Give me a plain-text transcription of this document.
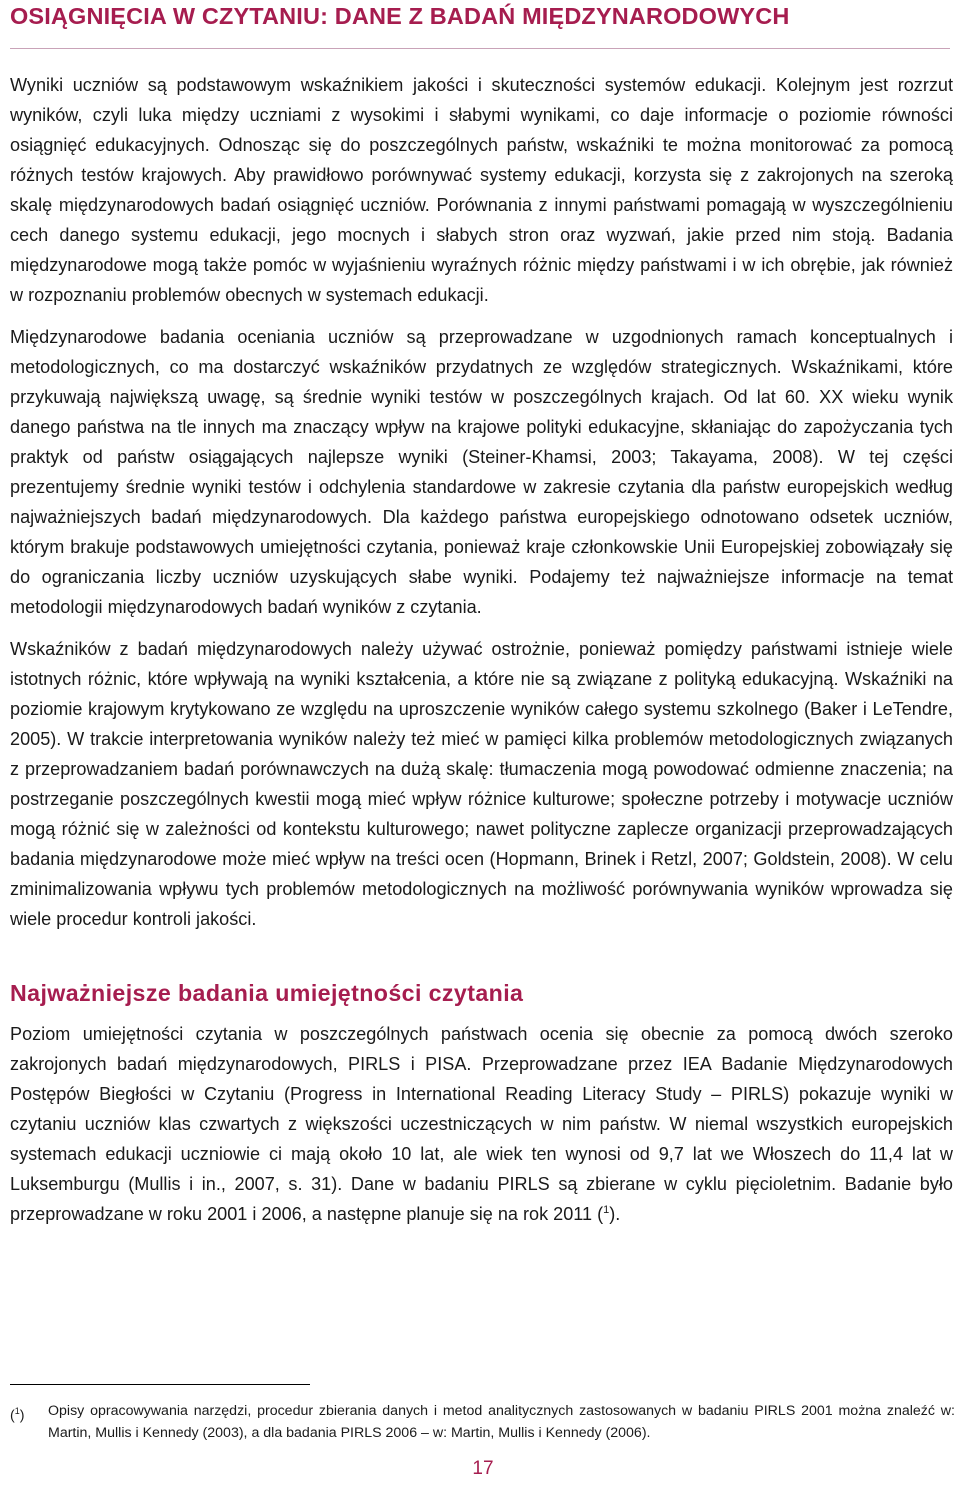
OSIĄGNIĘCIA W CZYTANIU: DANE Z BADAŃ MIĘDZYNARODOWYCH

Wyniki uczniów są podstawowym wskaźnikiem jakości i skuteczności systemów edukacji. Kolejnym jest rozrzut wyników, czyli luka między uczniami z wysokimi i słabymi wynikami, co daje informacje o poziomie równości osiągnięć edukacyjnych. Odnosząc się do poszczególnych państw, wskaźniki te można monitorować za pomocą różnych testów krajowych. Aby prawidłowo porównywać systemy edukacji, korzysta się z zakrojonych na szeroką skalę międzynarodowych badań osiągnięć uczniów. Porównania z innymi państwami pomagają w wyszczególnieniu cech danego systemu edukacji, jego mocnych i słabych stron oraz wyzwań, jakie przed nim stoją. Badania międzynarodowe mogą także pomóc w wyjaśnieniu wyraźnych różnic między państwami i w ich obrębie, jak również w rozpoznaniu problemów obecnych w systemach edukacji.

Międzynarodowe badania oceniania uczniów są przeprowadzane w uzgodnionych ramach konceptualnych i metodologicznych, co ma dostarczyć wskaźników przydatnych ze względów strategicznych. Wskaźnikami, które przykuwają największą uwagę, są średnie wyniki testów w poszczególnych krajach. Od lat 60. XX wieku wynik danego państwa na tle innych ma znaczący wpływ na krajowe polityki edukacyjne, skłaniając do zapożyczania tych praktyk od państw osiągających najlepsze wyniki (Steiner-Khamsi, 2003; Takayama, 2008). W tej części prezentujemy średnie wyniki testów i odchylenia standardowe w zakresie czytania dla państw europejskich według najważniejszych badań międzynarodowych. Dla każdego państwa europejskiego odnotowano odsetek uczniów, którym brakuje podstawowych umiejętności czytania, ponieważ kraje członkowskie Unii Europejskiej zobowiązały się do ograniczania liczby uczniów uzyskujących słabe wyniki. Podajemy też najważniejsze informacje na temat metodologii międzynarodowych badań wyników z czytania.

Wskaźników z badań międzynarodowych należy używać ostrożnie, ponieważ pomiędzy państwami istnieje wiele istotnych różnic, które wpływają na wyniki kształcenia, a które nie są związane z polityką edukacyjną. Wskaźniki na poziomie krajowym krytykowano ze względu na uproszczenie wyników całego systemu szkolnego (Baker i LeTendre, 2005). W trakcie interpretowania wyników należy też mieć w pamięci kilka problemów metodologicznych związanych z przeprowadzaniem badań porównawczych na dużą skalę: tłumaczenia mogą powodować odmienne znaczenia; na postrzeganie poszczególnych kwestii mogą mieć wpływ różnice kulturowe; społeczne potrzeby i motywacje uczniów mogą różnić się w zależności od kontekstu kulturowego; nawet polityczne zaplecze organizacji przeprowadzających badania międzynarodowe może mieć wpływ na treści ocen (Hopmann, Brinek i Retzl, 2007; Goldstein, 2008). W celu zminimalizowania wpływu tych problemów metodologicznych na możliwość porównywania wyników wprowadza się wiele procedur kontroli jakości.

Najważniejsze badania umiejętności czytania

Poziom umiejętności czytania w poszczególnych państwach ocenia się obecnie za pomocą dwóch szeroko zakrojonych badań międzynarodowych, PIRLS i PISA. Przeprowadzane przez IEA Badanie Międzynarodowych Postępów Biegłości w Czytaniu (Progress in International Reading Literacy Study – PIRLS) pokazuje wyniki w czytaniu uczniów klas czwartych z większości uczestniczących w nim państw. W niemal wszystkich europejskich systemach edukacji uczniowie ci mają około 10 lat, ale wiek ten wynosi od 9,7 lat we Włoszech do 11,4 lat w Luksemburgu (Mullis i in., 2007, s. 31). Dane w badaniu PIRLS są zbierane w cyklu pięcioletnim. Badanie było przeprowadzane w roku 2001 i 2006, a następne planuje się na rok 2011 ($^1$).

($^1$)	Opisy opracowywania narzędzi, procedur zbierania danych i metod analitycznych zastosowanych w badaniu PIRLS 2001 można znaleźć w: Martin, Mullis i Kennedy (2003), a dla badania PIRLS 2006 – w: Martin, Mullis i Kennedy (2006).
17
